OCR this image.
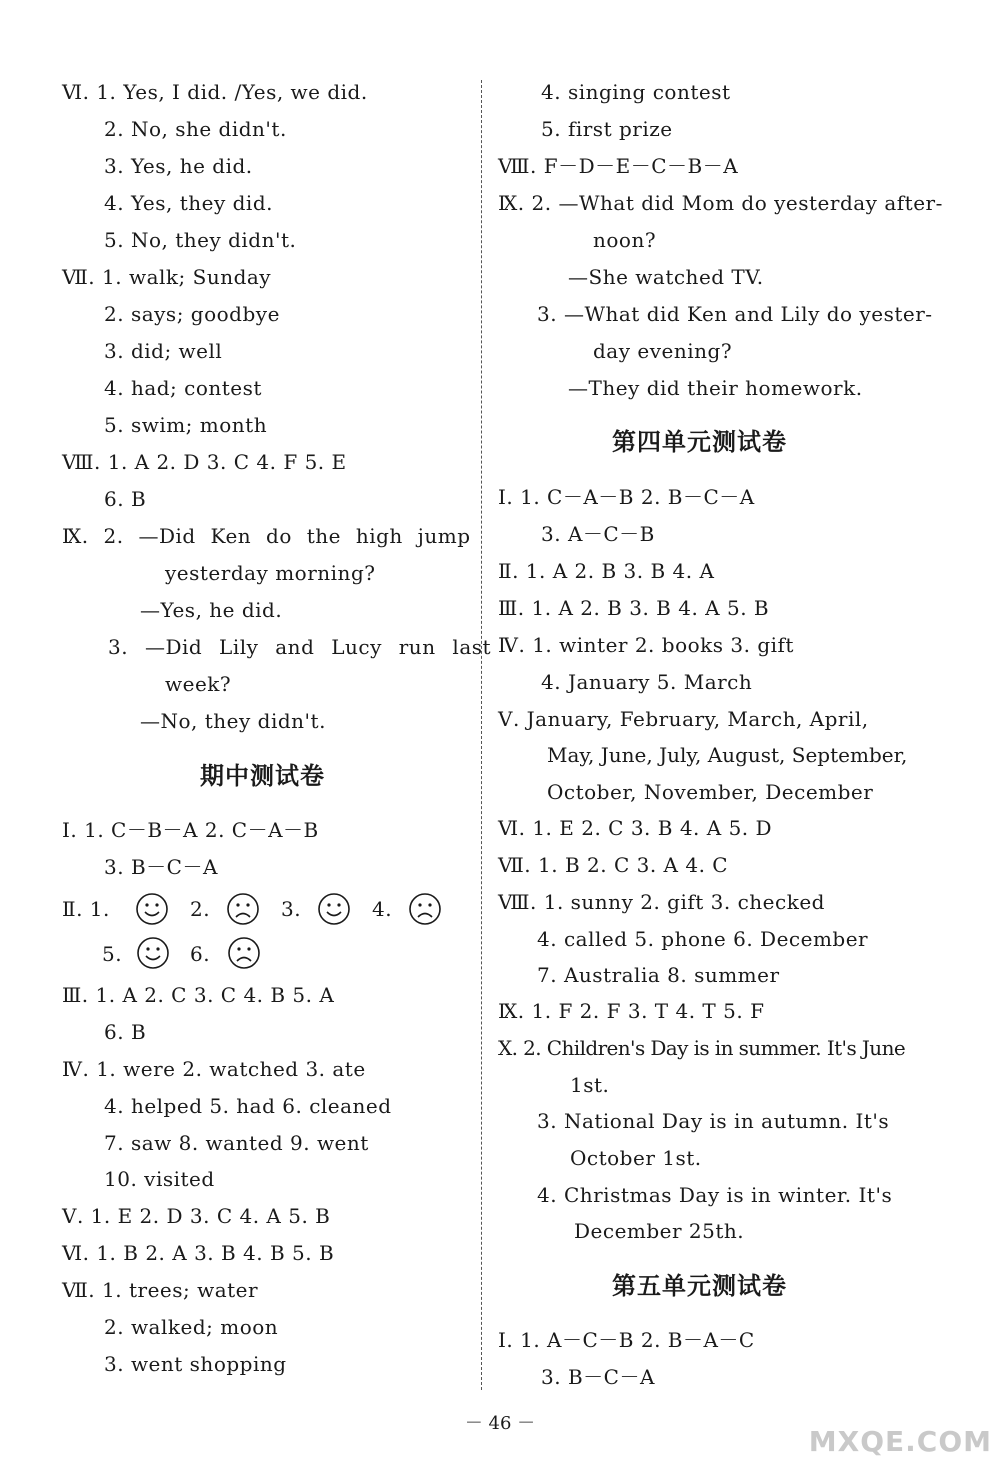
Ⅵ. 1. Yes, I did. /Yes, we did.
2. No, she didn't.
3. Yes, he did.
4. Yes, they did.
5. No, they didn't.
Ⅶ. 1. walk; Sunday
2. says; goodbye
3. did; well
4. had; contest
5. swim; month
Ⅷ. 1. A 2. D 3. C 4. F 5. E
6. B
Ⅸ. 2. —Did Ken do the high jump
yesterday morning?
—Yes, he did.
3. —Did Lily and Lucy run last
week?
—No, they didn't.
期中测试卷
Ⅰ. 1. C－B－A 2. C－A－B
3. B－C－A
Ⅱ. 1.	2.	3.	4.
5.	6.
Ⅲ. 1. A 2. C 3. C 4. B 5. A
6. B
Ⅳ. 1. were 2. watched 3. ate
4. helped 5. had 6. cleaned
7. saw 8. wanted 9. went
10. visited
Ⅴ. 1. E 2. D 3. C 4. A 5. B
Ⅵ. 1. B 2. A 3. B 4. B 5. B
Ⅶ. 1. trees; water
2. walked; moon
3. went shopping
4. singing contest
5. first prize
Ⅷ. F－D－E－C－B－A
Ⅸ. 2. —What did Mom do yesterday after-
noon?
—She watched TV.
3. —What did Ken and Lily do yester-
day evening?
—They did their homework.
第四单元测试卷
Ⅰ. 1. C－A－B 2. B－C－A
3. A－C－B
Ⅱ. 1. A 2. B 3. B 4. A
Ⅲ. 1. A 2. B 3. B 4. A 5. B
Ⅳ. 1. winter 2. books 3. gift
4. January 5. March
Ⅴ. January, February, March, April,
May, June, July, August, September,
October, November, December
Ⅵ. 1. E 2. C 3. B 4. A 5. D
Ⅶ. 1. B 2. C 3. A 4. C
Ⅷ. 1. sunny 2. gift 3. checked
4. called 5. phone 6. December
7. Australia 8. summer
Ⅸ. 1. F 2. F 3. T 4. T 5. F
Ⅹ. 2. Children's Day is in summer. It's June
1st.
3. National Day is in autumn. It's
October 1st.
4. Christmas Day is in winter. It's
December 25th.
第五单元测试卷
Ⅰ. 1. A－C－B 2. B－A－C
3. B－C－A
－ 46 －
MXQE.COM
